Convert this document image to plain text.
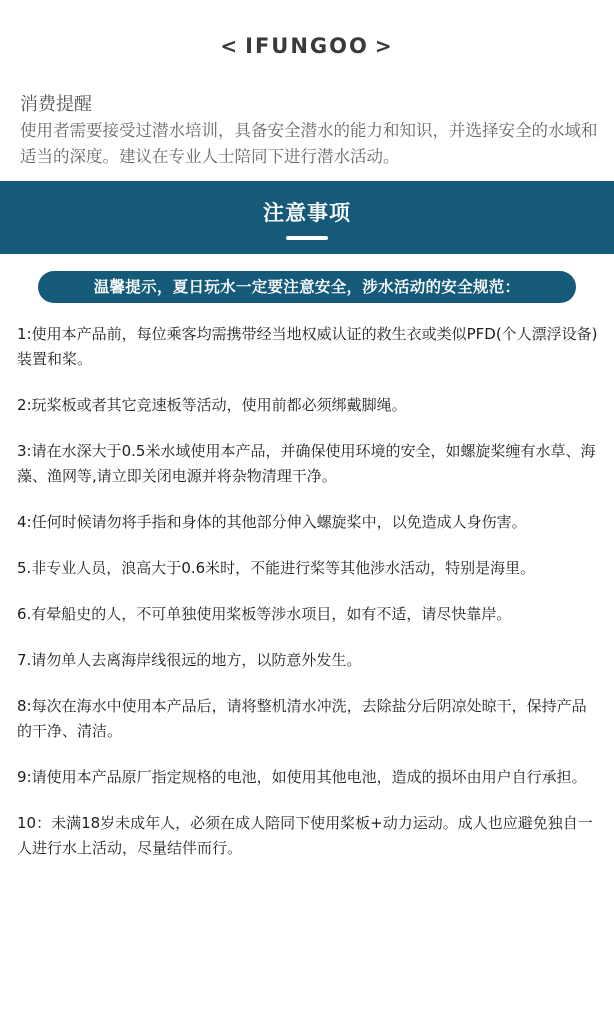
< IFUNGOO >
消费提醒

使用者需要接受过潜水培训，具备安全潜水的能力和知识，并选择安全的水域和适当的深度。建议在专业人士陪同下进行潜水活动。

注意事项
温馨提示，夏日玩水一定要注意安全，涉水活动的安全规范：
1:使用本产品前，每位乘客均需携带经当地权威认证的救生衣或类似PFD(个人漂浮设备)装置和桨。
2:玩桨板或者其它竞速板等活动，使用前都必须绑戴脚绳。
3:请在水深大于0.5米水域使用本产品，并确保使用环境的安全，如螺旋桨缠有水草、海藻、渔网等,请立即关闭电源并将杂物清理干净。
4:任何时候请勿将手指和身体的其他部分伸入螺旋桨中，以免造成人身伤害。
5.非专业人员，浪高大于0.6米时，不能进行桨等其他涉水活动，特别是海里。
6.有晕船史的人，不可单独使用桨板等涉水项目，如有不适，请尽快靠岸。
7.请勿单人去离海岸线很远的地方，以防意外发生。
8:每次在海水中使用本产品后，请将整机清水冲洗，去除盐分后阴凉处晾干，保持产品的干净、清洁。
9:请使用本产品原厂指定规格的电池，如使用其他电池，造成的损坏由用户自行承担。
10：未满18岁未成年人，必须在成人陪同下使用桨板+动力运动。成人也应避免独自一人进行水上活动，尽量结伴而行。
